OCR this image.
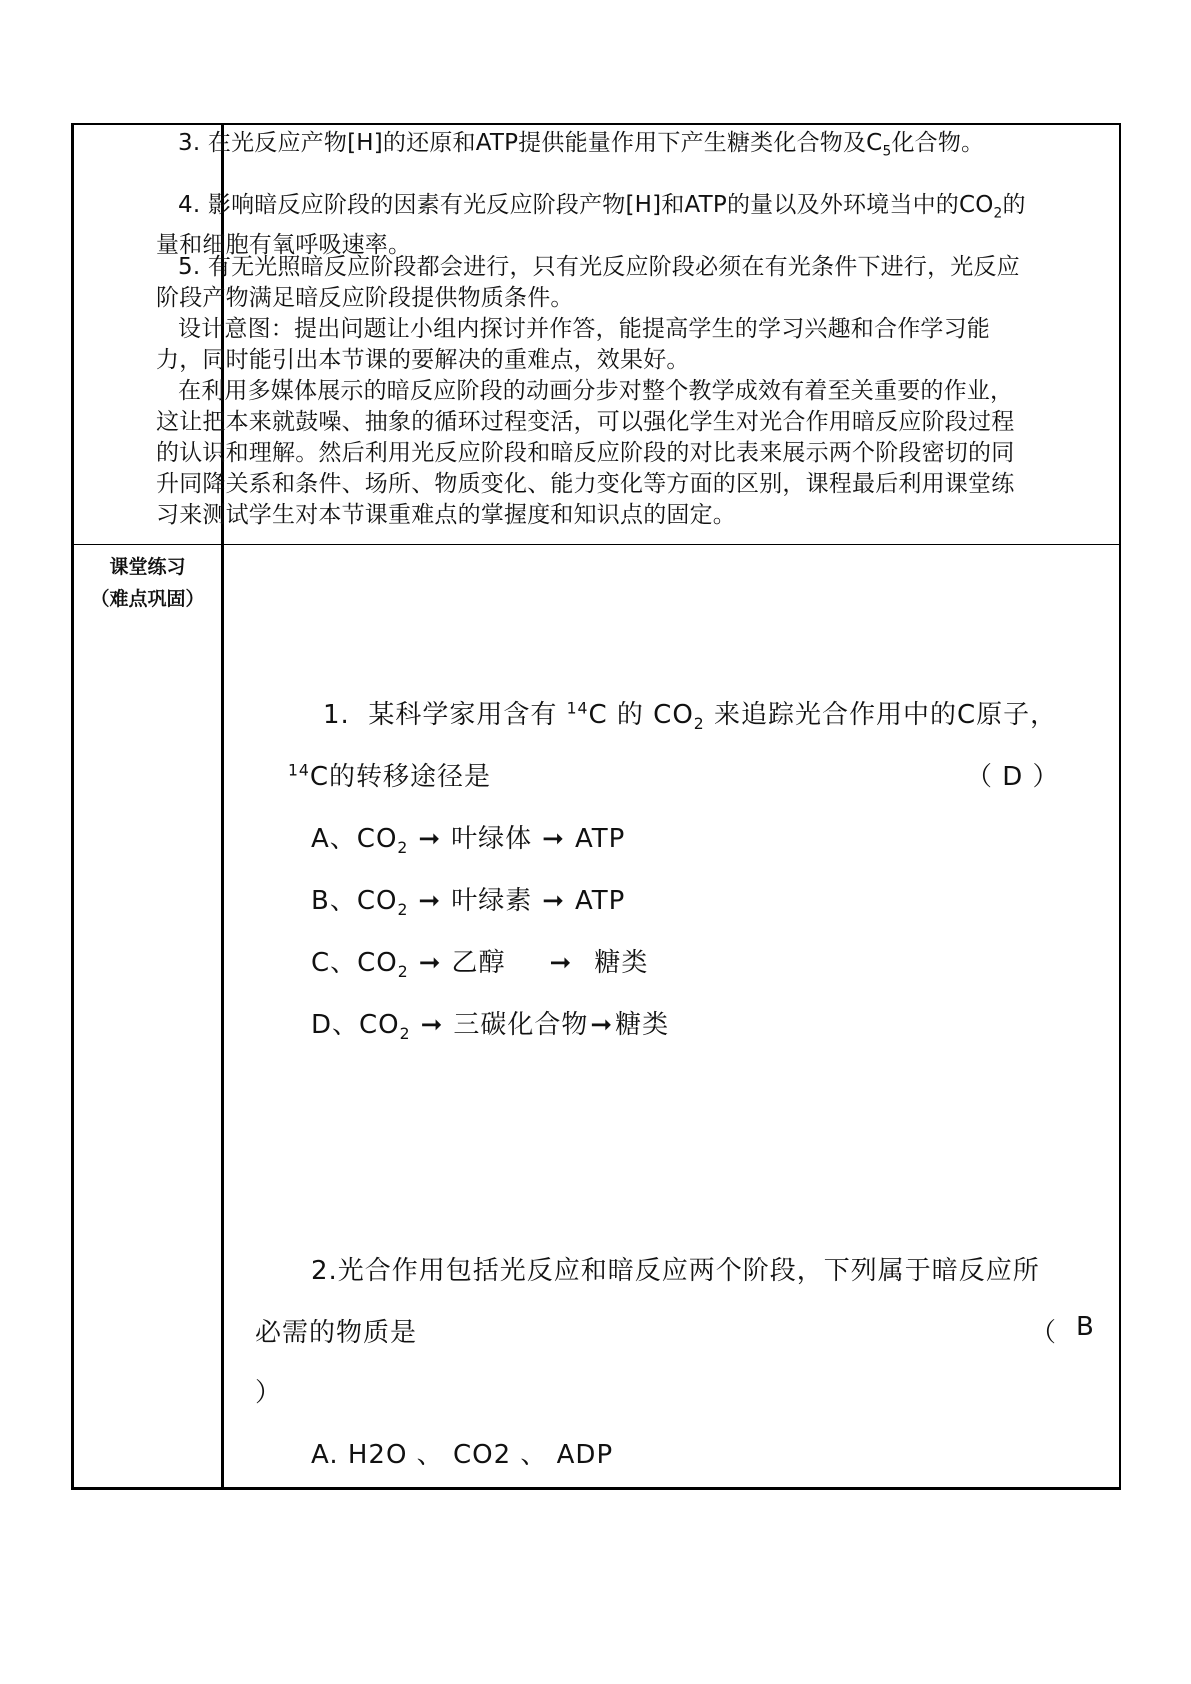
课堂练习
（难点巩固）
3. 在光反应产物[H]的还原和ATP提供能量作用下产生糖类化合物及$C_5$化合物。
4. 影响暗反应阶段的因素有光反应阶段产物[H]和ATP的量以及外环境当中的$CO_2$的量和细胞有氧呼吸速率。
5. 有无光照暗反应阶段都会进行，只有光反应阶段必须在有光条件下进行，光反应阶段产物满足暗反应阶段提供物质条件。
设计意图：提出问题让小组内探讨并作答，能提高学生的学习兴趣和合作学习能力，同时能引出本节课的要解决的重难点，效果好。
在利用多媒体展示的暗反应阶段的动画分步对整个教学成效有着至关重要的作业，这让把本来就鼓噪、抽象的循环过程变活，可以强化学生对光合作用暗反应阶段过程的认识和理解。然后利用光反应阶段和暗反应阶段的对比表来展示两个阶段密切的同升同降关系和条件、场所、物质变化、能力变化等方面的区别，课程最后利用课堂练习来测试学生对本节课重难点的掌握度和知识点的固定。
1. 某科学家用含有 $^{14}$C 的 $CO_2$ 来追踪光合作用中的C原子，
$^{14}$C的转移途径是	（ D ）
A、$CO_2$ ➞ 叶绿体 ➞ ATP
B、$CO_2$ ➞ 叶绿素 ➞ ATP
C、$CO_2$ ➞ 乙醇 ➞ 糖类
D、$CO_2$ ➞ 三碳化合物➞糖类
2.光合作用包括光反应和暗反应两个阶段，下列属于暗反应所
必需的物质是	（ B
）
A. H2O 、 CO2 、 ADP
